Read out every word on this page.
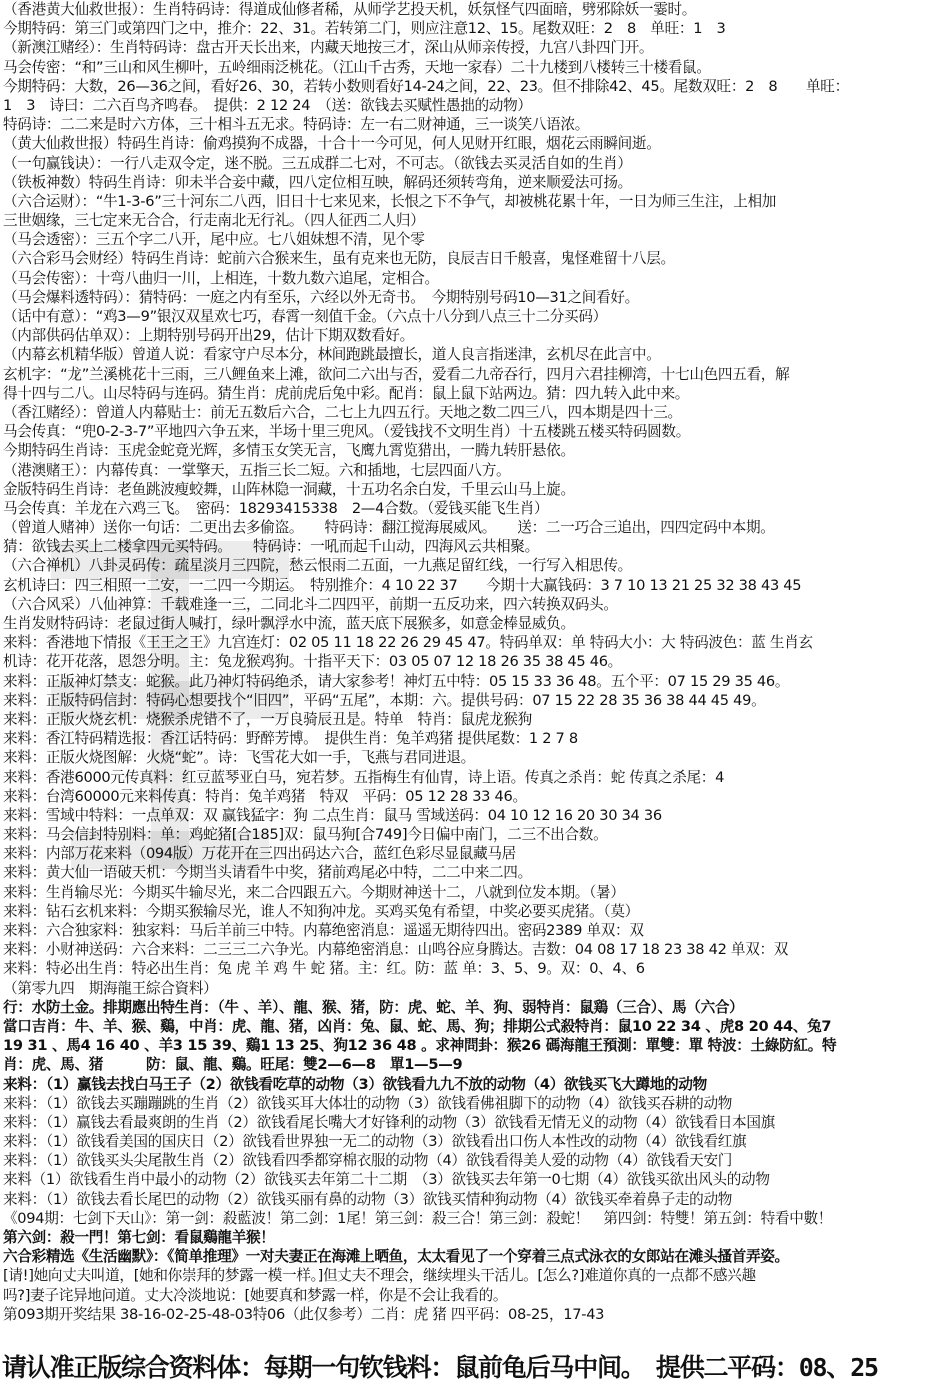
（香港黄大仙救世报）：生肖特码诗：得道成仙修者稀，从师学艺投天机，妖氛怪气四面暗，劈邪除妖一霎时。
今期特码：第三门或第四门之中，推介：22、31。若转第二门，则应注意12、15。尾数双旺：2　8　单旺：1　3
（新澳江赌经）：生肖特码诗：盘古开天长出来，内藏天地按三才，深山从师亲传授，九宫八卦四门开。
马会传密：“和”三山和风生柳叶，五岭细雨泛桃花。（江山千古秀，天地一家春）二十九楼到八楼转三十楼看鼠。
今期特码：大数，26—36之间，看好26、30，若转小数则看好14-24之间，22、23。但不排除42、45。尾数双旺：2　8　　单旺：
1　3　诗曰：二六百鸟齐鸣春。　提供：2 12 24　（送：欲钱去买赋性愚拙的动物）
特码诗：二二来是时六方体，三十相斗五无求。特码诗：左一右二财神通，三一谈笑八语浓。
（黄大仙救世报）特码生肖诗：偷鸡摸狗不成器，十合十一今可见，何人见财开红眼，烟花云雨瞬间逝。
（一句赢钱诀）：一行八走双令定，迷不脱。三五成群二七对，不可志。（欲钱去买灵活自如的生肖）
（铁板神数）特码生肖诗：卯未半合妾中藏，四八定位相互映，解码还须转弯角，逆来顺爱法可扬。
（六合运财）：“牛1-3-6”三十河东二八西，旧日十七来见来，长恨之下不争气，却被桃花累十年，一日为师三生注，上相加
三世姻缘，三七定来无合合，行走南北无行礼。（四人征西二人归）
（马会透密）：三五个字二八开，尾中应。七八姐妹想不清，见个零
（六合彩马会财经）特码生肖诗：蛇前六合猴来生，虽有克来也无防，良辰吉日千般喜，鬼怪难留十八层。
（马会传密）：十弯八曲归一川，上相连，十数九数六追尾，定相合。
（马会爆料透特码）：猜特码：一庭之内有至乐，六经以外无奇书。　今期特别号码10—31之间看好。
（话中有意）：“鸡3—9”银汉双星欢七巧，春霄一刻值千金。（六点十八分到八点三十二分买码）
（内部供码估单双）：上期特别号码开出29，估计下期双数看好。
（内幕玄机精华版）曾道人说：看家守户尽本分，林间跑跳最擅长，道人良言指迷津，玄机尽在此言中。
玄机字：“龙”兰溪桃花十三雨，三八鲤鱼来上滩，欲问二六出与否，爱看二九帝吞行，四月六君挂柳湾，十七山色四五看，解
得十四与二八。山尽特码与连码。猜生肖：虎前虎后兔中彩。配肖：鼠上鼠下站两边。猜：四九转入此中来。
（香江赌经）：曾道人内幕贴士：前无五数后六合，二七上九四五行。天地之数二四三八，四本期是四十三。
马会传真：“兜0-2-3-7”平地四六争五来，半场十里三兜风。（爱钱找不文明生肖）十五楼跳五楼买特码圆数。
今期特码生肖诗：玉虎金蛇竟光辉，多情玉女笑无言，飞鹰九霄览猎出，一腾九转肝悬依。
（港澳赌王）：内幕传真：一掌擎天，五指三长二短。六和插地，七层四面八方。
金版特码生肖诗：老鱼跳波瘦蛟舞，山阵林隐一洞藏，十五功名余白发，千里云山马上旋。
马会传真：羊龙在六鸡三飞。　密码：18293415338　2—4合数。（爱钱买能飞生肖）
（曾道人赌神）送你一句话：二更出去多偷盗。　　特码诗：翻江搅海展威风。　　送：二一巧合三追出，四四定码中本期。
猜：欲钱去买上二楼拿四元买特码。　　特码诗：一吼而起千山动，四海风云共相聚。
（六合禅机）八卦灵码传：疏星淡月三四院，愁云恨雨二五面，一九燕足留红线，一行写入相思传。
玄机诗曰：四三相照一二安，一二四一今期运。　特别推介：4 10 22 37　　今期十大赢钱码：3 7 10 13 21 25 32 38 43 45
（六合风采）八仙神算：千载难逢一三，二同北斗二四四平，前期一五反功来，四六转换双码头。
生肖发财特码诗：老鼠过街人喊打，绿叶飘浮水中流，蓝天底下展猴多，如意金棒显威负。
来料：香港地下情报《王王之王》九宫连灯：02 05 11 18 22 26 29 45 47。特码单双：单 特码大小：大 特码波色：蓝 生肖玄
机诗：花开花落，恩怨分明。主：兔龙猴鸡狗。十指平天下：03 05 07 12 18 26 35 38 45 46。
来料：正版神灯禁支：蛇猴。此乃神灯特码绝杀，请大家参考！神灯五中特：05 15 33 36 48。五个平：07 15 29 35 46。
来料：正版特码信封：特码心想要找个“旧四”，平码“五尾”，本期：六。提供号码：07 15 22 28 35 36 38 44 45 49。
来料：正版火烧玄机：烧猴杀虎错不了，一万良骑辰丑是。特单　特肖：鼠虎龙猴狗
来料：香江特码精选报：香江话特码：野醉芳博。　提供生肖：兔羊鸡猪 提供尾数：1 2 7 8
来料：正版火烧图解：火烧“蛇”。诗：飞雪花大如一手，飞燕与君同进退。
来料：香港6000元传真料：红豆蓝琴亚白马，宛若梦。五指梅生有仙冑，诗上语。传真之杀肖：蛇 传真之杀尾：4
来料：台湾60000元来料传真：特肖：兔羊鸡猪　特双　平码：05 12 28 33 46。
来料：雪域中特料：一点单双：双 赢钱猛字：狗 二点生肖：鼠马 雪域送码：04 10 12 16 20 30 34 36
来料：马会信封特别料：单：鸡蛇猪[合185]双：鼠马狗[合749]今日偏中南门，二三不出合数。
来料：内部万花来料（094版）万花开在三四出码达六合，蓝红色彩尽显鼠藏马居
来料：黄大仙一语破天机：今期当头请看牛中奖，猪前鸡尾必中特，二二中来二四。
来料：生肖输尽光：今期买牛输尽光，来二合四跟五六。今期财神送十二，八就到位发本期。（暑）
来料：钻石玄机来料：今期买猴输尽光，谁人不知狗冲龙。买鸡买兔有希望，中奖必要买虎猪。（莫）
来料：六合独家料：独家料：马后羊前三中特。内幕绝密消息：遥遥无期待四出。密码2389 单双：双
来料：小财神送码：六合来料：二三三二六争光。内幕绝密消息：山鸣谷应身腾达。吉数：04 08 17 18 23 38 42 单双：双
来料：特必出生肖：特必出生肖：兔 虎 羊 鸡 牛 蛇 猪。主：红。防：蓝 单：3、5、9。双：0、4、6
（第零九四　期海龍王綜合資料）
行：水防土金。排期應出特生肖：（牛 、羊）、龍、猴、猪，防：虎、蛇、羊、狗、弱特肖：鼠鶏（三合）、馬（六合）
當口吉肖：牛、羊、猴、鷄，中肖：虎、龍、猪，凶肖：兔、鼠、蛇、馬、狗；排期公式殺特肖：鼠10 22 34 、虎8 20 44、兔7
19 31 、馬4 16 40 、羊3 15 39、鷄1 13 25、狗12 36 48 。求神問卦：猴26 碼海龍王預測：單雙：單 特波：土綠防紅。特
肖：虎、馬、猪　　　防：鼠、龍、鷄。旺尾：雙2—6—8　單1—5—9
来料：（1）赢钱去找白马王子（2）欲钱看吃草的动物（3）欲钱看九九不放的动物（4）欲钱买飞大蹲地的动物
来料：（1）欲钱去买蹦蹦跳的生肖（2）欲钱买耳大体壮的动物（3）欲钱看佛祖脚下的动物（4）欲钱买吞耕的动物
来料：（1）赢钱去看最爽朗的生肖（2）欲钱看尾长嘴大才好锋利的动物（3）欲钱看无情无义的动物（4）欲钱看日本国旗
来料：（1）欲钱看美国的国庆日（2）欲钱看世界独一无二的动物（3）欲钱看出口伤人本性改的动物（4）欲钱看红旗
来料：（1）欲钱买头尖尾散生肖（2）欲钱看四季都穿棉衣服的动物（4）欲钱看得美人爱的动物（4）欲钱看天安门
来料（1）欲钱看生肖中最小的动物（2）欲钱买去年第二十二期　（3）欲钱买去年第一0七期（4）欲钱买欲出风头的动物
来料：（1）欲钱去看长尾巴的动物（2）欲钱买丽有鼻的动物（3）欲钱买情种狗动物（4）欲钱买牵着鼻子走的动物
《094期：七剑下天山》：第一剑：殺藍波！第二剑：1尾！第三剑：殺三合！第三剑：殺蛇！　第四剑：特雙！第五剑：特看中數！
第六剑：殺一門！第七剑：看鼠鷄龍羊猴！
六合彩精选《生活幽默》：《简单推理》一对夫妻正在海滩上晒鱼，太太看见了一个穿着三点式泳衣的女郎站在滩头搔首弄姿。
[请!]她向丈夫叫道，[她和你崇拜的梦露一模一样。]但丈夫不理会，继续埋头干活儿。[怎么?]难道你真的一点都不感兴趣
吗?]妻子诧异地问道。丈大冷淡地说：[她要真和梦露一样，你是不会让我看的。
第093期开奖结果 38-16-02-25-48-03特06（此仅参考）二肖：虎 猪 四平码：08-25，17-43
请认准正版综合资料体：每期一句钦钱料：鼠前龟后马中间。　提供二平码：08、25
